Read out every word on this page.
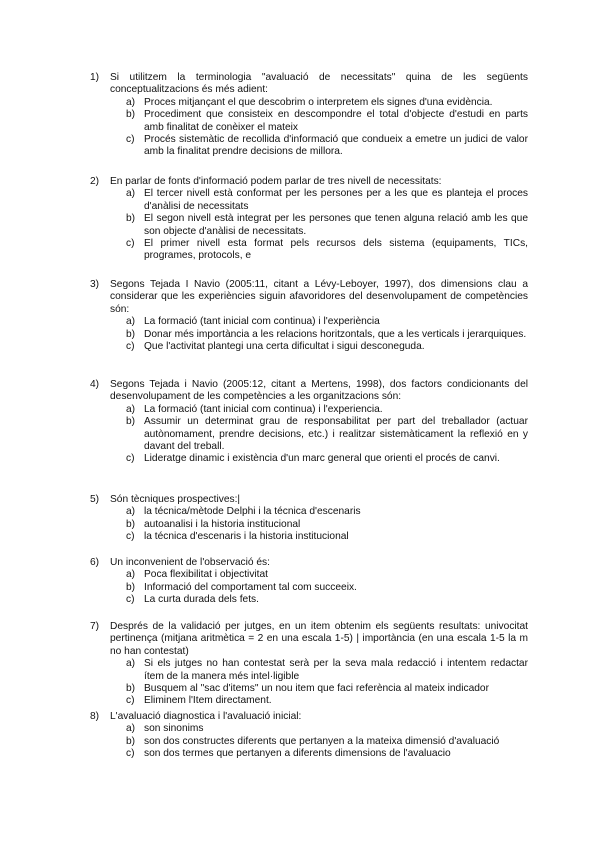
1)	Si utilitzem la terminologia "avaluació de necessitats" quina de les següents conceptualitzacions és més adient:

a) Proces mitjançant el que descobrim o interpretem els signes d'una evidència.
b) Procediment que consisteix en descompondre el total d'objecte d'estudi en parts amb finalitat de conèixer el mateix
c) Procés sistemàtic de recollida d'informació que condueix a emetre un judici de valor amb la finalitat prendre decisions de millora.
2)	En parlar de fonts d'informació podem parlar de tres nivell de necessitats:

a) El tercer nivell està conformat per les persones per a les que es planteja el proces d'anàlisi de necessitats
b) El segon nivell està integrat per les persones que tenen alguna relació amb les que son objecte d'anàlisi de necessitats.
c) El primer nivell esta format pels recursos dels sistema (equipaments, TICs, programes, protocols, e
3)	Segons Tejada I Navio (2005:11, citant a Lévy-Leboyer, 1997), dos dimensions clau a considerar que les experiències siguin afavoridores del desenvolupament de competències són:

a) La formació (tant inicial com continua) i l'experiència
b) Donar més importància a les relacions horitzontals, que a les verticals i jerarquiques.
c) Que l'activitat plantegi una certa dificultat i sigui desconeguda.
4)	Segons Tejada i Navio (2005:12, citant a Mertens, 1998), dos factors condicionants del desenvolupament de les competències a les organitzacions són:

a) La formació (tant inicial com continua) i l'experiencia.
b) Assumir un determinat grau de responsabilitat per part del treballador (actuar autònomament, prendre decisions, etc.) i realitzar sistemàticament la reflexió en y davant del treball.
c) Lideratge dinamic i existència d'un marc general que orienti el procés de canvi.
5)	Són tècniques prospectives:|

a) la técnica/mètode Delphi i la técnica d'escenaris
b) autoanalisi i la historia institucional
c) la técnica d'escenaris i la historia institucional
6)	Un inconvenient de l'observació és:

a) Poca flexibilitat i objectivitat
b) Informació del comportament tal com succeeix.
c) La curta durada dels fets.
7)	Després de la validació per jutges, en un item obtenim els següents resultats: univocitat pertinença (mitjana aritmètica = 2 en una escala 1-5) | importància (en una escala 1-5 la m no han contestat)

a) Si els jutges no han contestat serà per la seva mala redacció i intentem redactar ítem de la manera més intel·ligible
b) Busquem al "sac d'items" un nou item que faci referència al mateix indicador
c) Eliminem l'Item directament.
8)	L'avaluació diagnostica i l'avaluació inicial:

a) son sinonims
b) son dos constructes diferents que pertanyen a la mateixa dimensió d'avaluació
c) son dos termes que pertanyen a diferents dimensions de l'avaluacio
